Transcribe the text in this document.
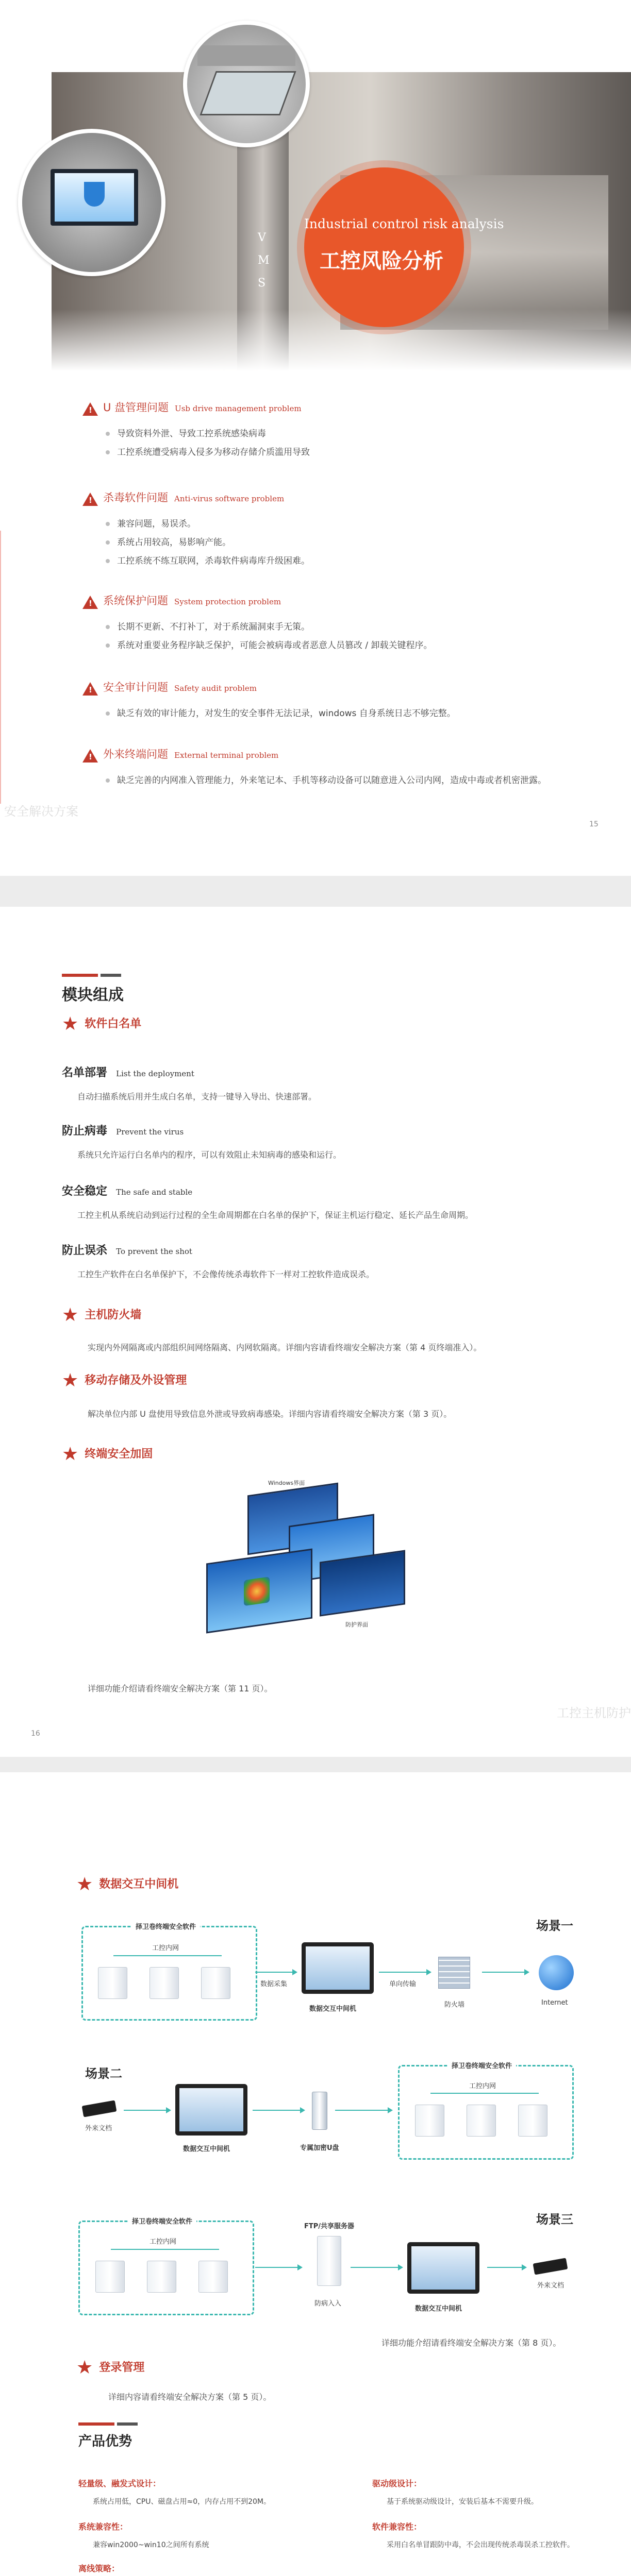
V
M
S
Industrial control risk analysis
工控风险分析
! U 盘管理问题 Usb drive management problem
导致资料外泄、导致工控系统感染病毒
工控系统遭受病毒入侵多为移动存储介质滥用导致
! 杀毒软件问题 Anti-virus software problem
兼容问题，易误杀。
系统占用较高，易影响产能。
工控系统不练互联网，杀毒软件病毒库升级困难。
! 系统保护问题 System protection problem
长期不更新、不打补丁，对于系统漏洞束手无策。
系统对重要业务程序缺乏保护，可能会被病毒或者恶意人员篡改 / 卸载关键程序。
! 安全审计问题 Safety audit problem
缺乏有效的审计能力，对发生的安全事件无法记录，windows 自身系统日志不够完整。
! 外来终端问题 External terminal problem
缺乏完善的内网准入管理能力，外来笔记本、手机等移动设备可以随意进入公司内网，造成中毒或者机密泄露。
安全解决方案
15
模块组成
★ 软件白名单
名单部署 List the deployment
自动扫描系统后用并生成白名单，支持一键导入导出、快速部署。
防止病毒 Prevent the virus
系统只允许运行白名单内的程序，可以有效阻止未知病毒的感染和运行。
安全稳定 The safe and stable
工控主机从系统启动到运行过程的全生命周期都在白名单的保护下，保证主机运行稳定、延长产品生命周期。
防止误杀 To prevent the shot
工控生产软件在白名单保护下，不会像传统杀毒软件下一样对工控软件造成误杀。
★ 主机防火墙
实现内外网隔离或内部组织间网络隔离、内网软隔离。详细内容请看终端安全解决方案（第 4 页终端准入）。
★ 移动存储及外设管理
解决单位内部 U 盘使用导致信息外泄或导致病毒感染。详细内容请看终端安全解决方案（第 3 页）。
★ 终端安全加固
Windows界面
防护界面
详细功能介绍请看终端安全解决方案（第 11 页）。
16
工控主机防护
★ 数据交互中间机
场景一
择卫卷终端安全软件
工控内网
数据采集
数据交互中间机
单向传输
防火墙	Internet
场景二
外来文档
数据交互中间机	专属加密U盘
择卫卷终端安全软件
工控内网
场景三
择卫卷终端安全软件
工控内网
FTP/共享服务器
防病入入
数据交互中间机
外来文档
详细功能介绍请看终端安全解决方案（第 8 页）。
★ 登录管理
详细内容请看终端安全解决方案（第 5 页）。
产品优势
轻量级、融发式设计：
系统占用低，CPU、磁盘占用≈0，内存占用不到20M。
驱动级设计：
基于系统驱动级设计，安装后基本不需要升级。
系统兼容性：
兼容win2000~win10之间所有系统
软件兼容性：
采用白名单冒跟防中毒，不会出现传统杀毒误杀工控软件。
离线策略：
